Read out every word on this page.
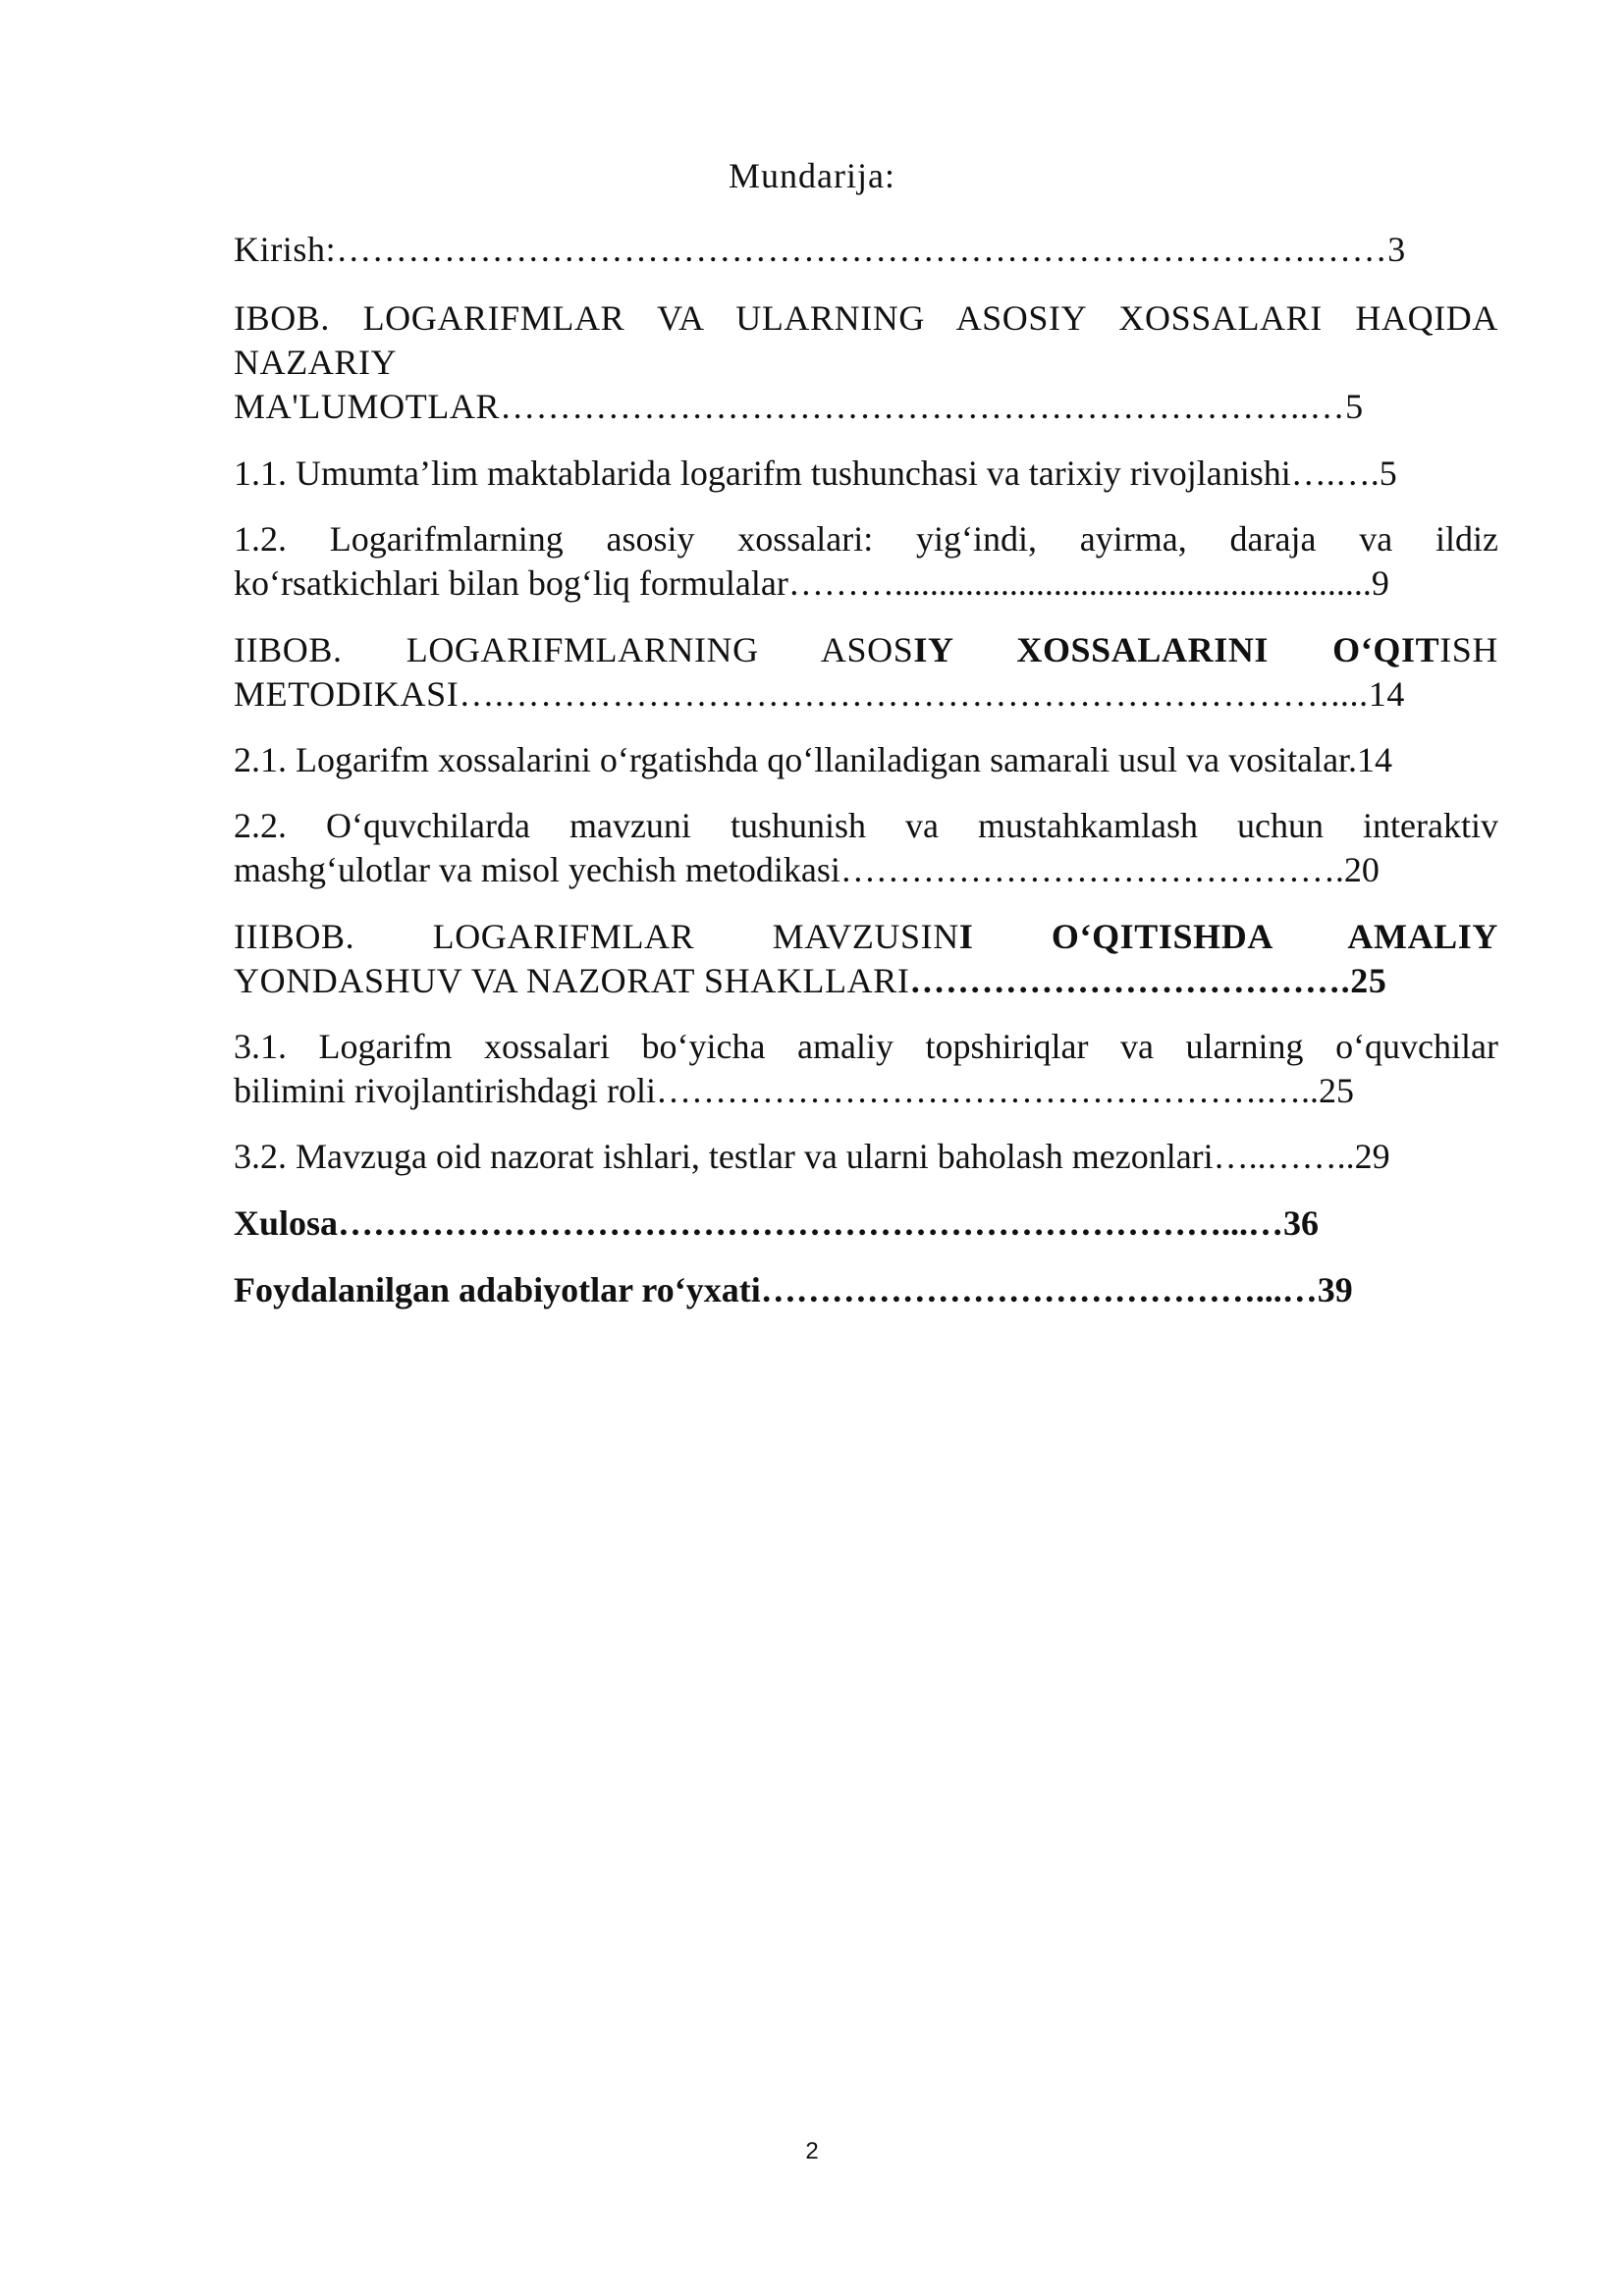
Mundarija:
Kirish:……………………………………………………………………….……3
IBOB. LOGARIFMLAR VA ULARNING ASOSIY XOSSALARI HAQIDA
NAZARIY
MA'LUMOTLAR…………………………………………………………..…5
1.1. Umumta’lim maktablarida logarifm tushunchasi va tarixiy rivojlanishi….….5
1.2. Logarifmlarning asosiy xossalari: yig‘indi, ayirma, daraja va ildiz
ko‘rsatkichlari bilan bog‘liq formulalar………......................................................9
IIBOB. LOGARIFMLARNING ASOSIY XOSSALARINI O‘QITISH
METODIKASI….……………………………………………………………....14
2.1. Logarifm xossalarini o‘rgatishda qo‘llaniladigan samarali usul va vositalar.14
2.2. O‘quvchilarda mavzuni tushunish va mustahkamlash uchun interaktiv
mashg‘ulotlar va misol yechish metodikasi…………………………………….20
IIIBOB. LOGARIFMLAR MAVZUSINI O‘QITISHDA AMALIY
YONDASHUV VA NAZORAT SHAKLLARI……………………………….25
3.1. Logarifm xossalari bo‘yicha amaliy topshiriqlar va ularning o‘quvchilar
bilimini rivojlantirishdagi roli…………………………………………….…..25
3.2. Mavzuga oid nazorat ishlari, testlar va ularni baholash mezonlari…..……..29
Xulosa…………………………………………………………………...…36
Foydalanilgan adabiyotlar ro‘yxati……………………………………...…39
2
